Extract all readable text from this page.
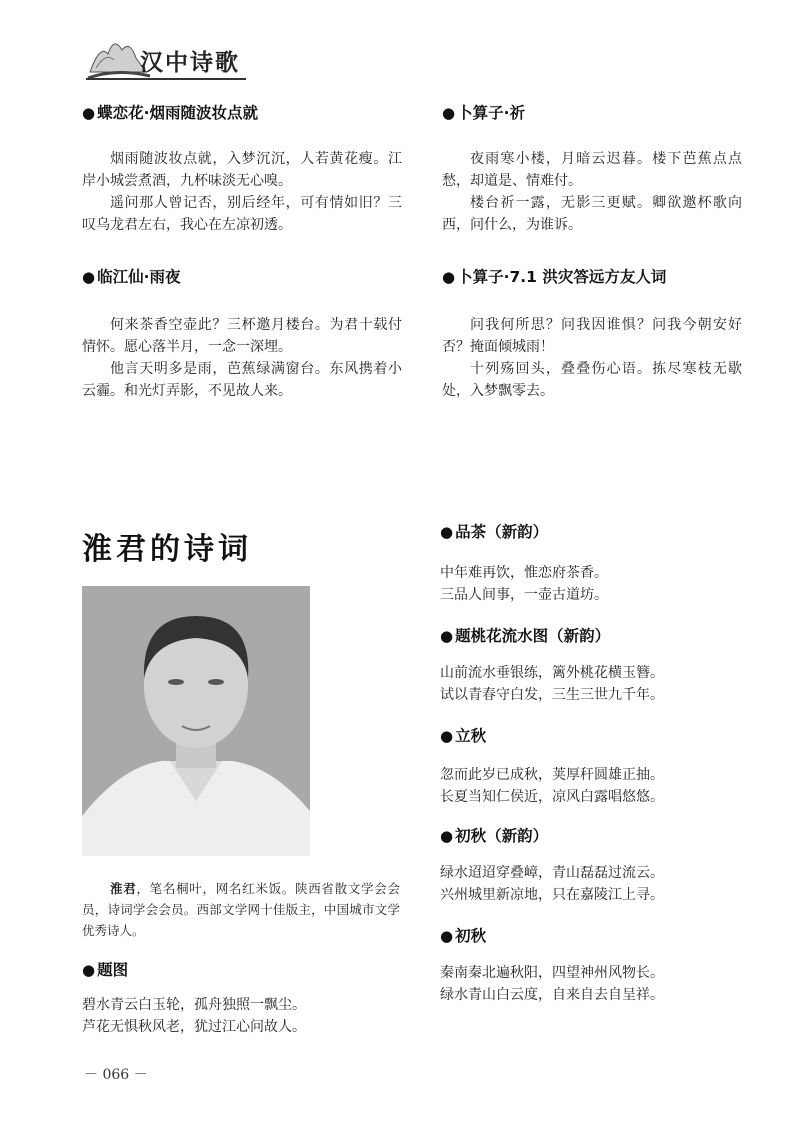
汉中诗歌
● 蝶恋花·烟雨随波妆点就

烟雨随波妆点就，入梦沉沉，人若黄花瘦。江岸小城尝煮酒，九杯味淡无心嗅。

遥问那人曾记否，别后经年，可有情如旧？三叹乌龙君左右，我心在左凉初透。

● 临江仙·雨夜

何来茶香空壶此？三杯邀月楼台。为君十载付情怀。愿心落半月，一念一深埋。

他言天明多是雨，芭蕉绿满窗台。东风携着小云霾。和光灯弄影，不见故人来。

● 卜算子·祈

夜雨寒小楼，月暗云迟暮。楼下芭蕉点点愁，却道是、情难付。

楼台祈一露，无影三更赋。卿欲邀杯歌向西，问什么，为谁诉。

● 卜算子·7.1 洪灾答远方友人词

问我何所思？问我因谁惧？问我今朝安好否？掩面倾城雨！

十列殇回头，叠叠伤心语。拣尽寒枝无歇处，入梦飘零去。

淮君的诗词
淮君，笔名桐叶，网名红米饭。陕西省散文学会会员，诗词学会会员。西部文学网十佳版主，中国城市文学优秀诗人。
● 题图
碧水青云白玉轮，孤舟独照一飘尘。
芦花无惧秋风老，犹过江心问故人。
● 品茶（新韵）
中年难再饮，惟恋府茶香。
三品人间事，一壶古道坊。
● 题桃花流水图（新韵）
山前流水垂银练，篱外桃花横玉簪。
试以青春守白发，三生三世九千年。
● 立秋
忽而此岁已成秋，荚厚秆圆雄正抽。
长夏当知仁侯近，凉风白露唱悠悠。
● 初秋（新韵）
绿水迢迢穿叠嶂，青山磊磊过流云。
兴州城里新凉地，只在嘉陵江上寻。
● 初秋
秦南秦北遍秋阳，四望神州风物长。
绿水青山白云度，自来自去自呈祥。
－ 066 －
